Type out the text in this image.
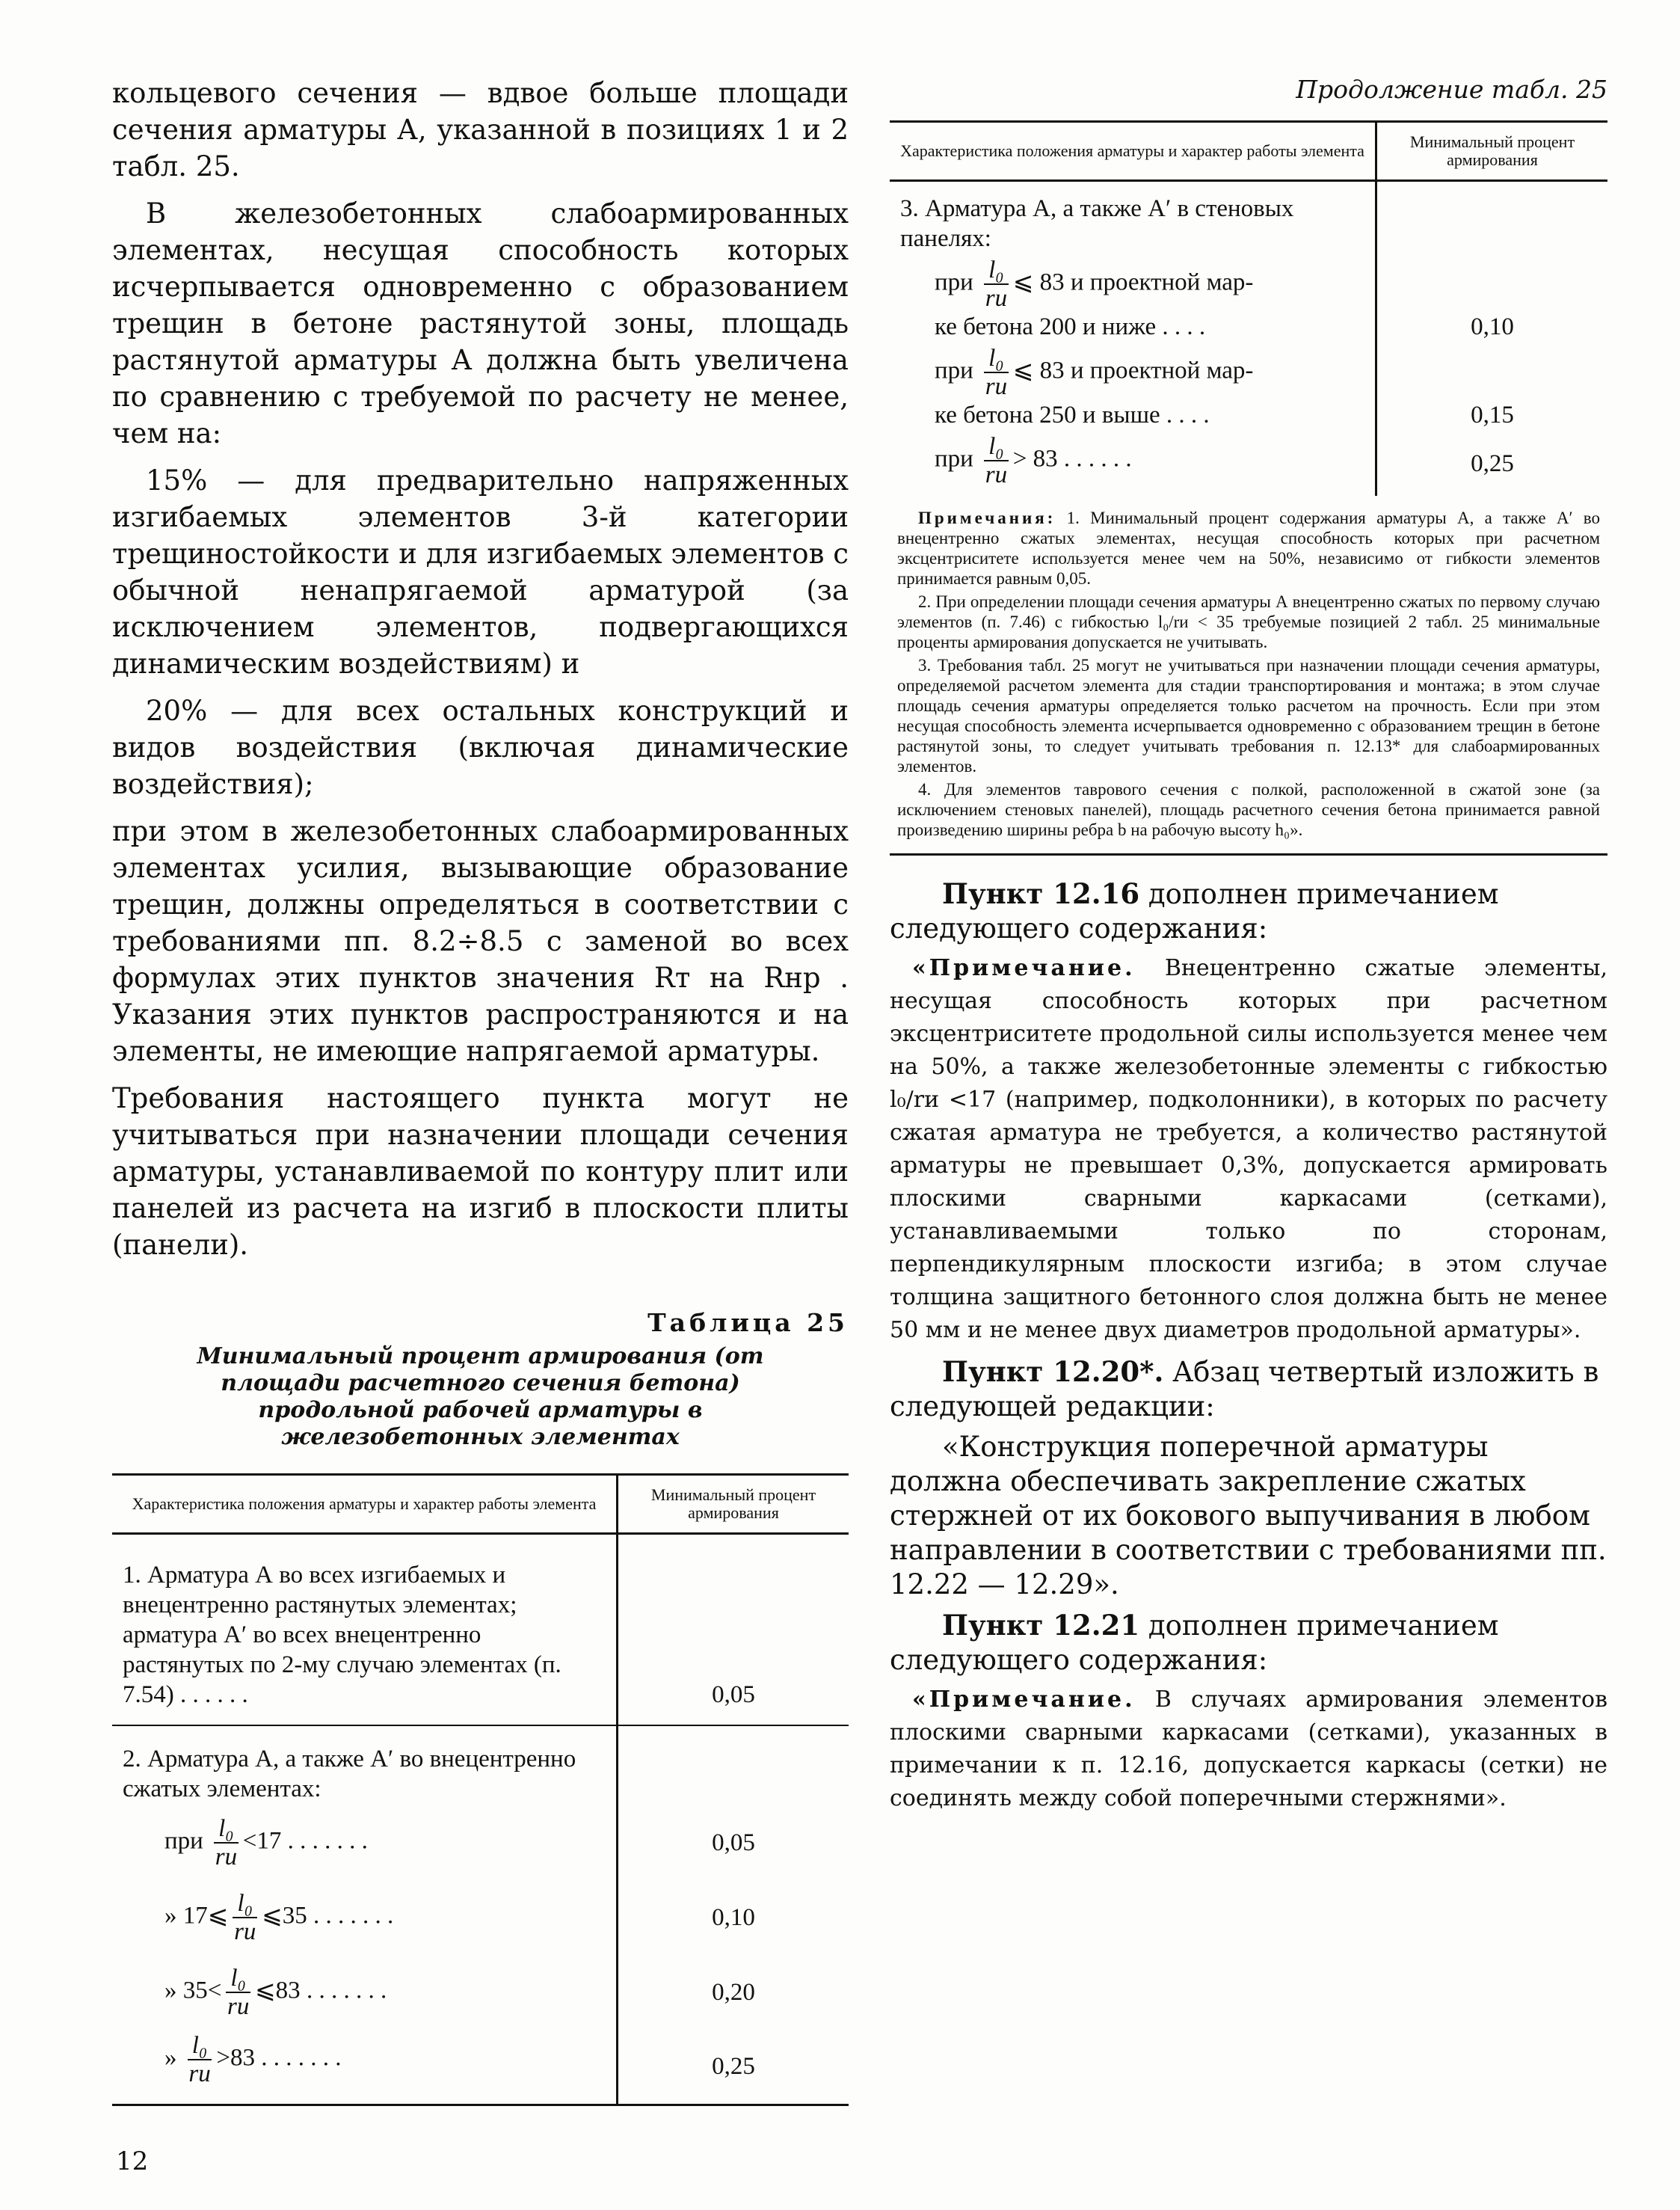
кольцевого сечения — вдвое больше площади сечения арматуры А, указанной в позициях 1 и 2 табл. 25.

В железобетонных слабоармированных элементах, несущая способность которых исчерпывается одновременно с образованием трещин в бетоне растянутой зоны, площадь растянутой арматуры А должна быть увеличена по сравнению с требуемой по расчету не менее, чем на:

15% — для предварительно напряженных изгибаемых элементов 3-й категории трещиностойкости и для изгибаемых элементов с обычной ненапрягаемой арматурой (за исключением элементов, подвергающихся динамическим воздействиям) и

20% — для всех остальных конструкций и видов воздействия (включая динамические воздействия);

при этом в железобетонных слабоармированных элементах усилия, вызывающие образование трещин, должны определяться в соответствии с требованиями пп. 8.2÷8.5 с заменой во всех формулах этих пунктов значения Rт на Rнр . Указания этих пунктов распространяются и на элементы, не имеющие напрягаемой арматуры.

Требования настоящего пункта могут не учитываться при назначении площади сечения арматуры, устанавливаемой по контуру плит или панелей из расчета на изгиб в плоскости плиты (панели).

Таблица 25
Минимальный процент армирования (от площади расчетного сечения бетона) продольной рабочей арматуры в железобетонных элементах
Характеристика положения арматуры и характер работы элемента	Минимальный процент армирования
1. Арматура А во всех изгибаемых и внецентренно растянутых элементах; арматура А′ во всех внецентренно растянутых по 2-му случаю элементах (п. 7.54) . . . . . .	0,05
2. Арматура А, а также А′ во внецентренно сжатых элементах:	
при $\frac{\text{l₀}}{rи} <17$ . . . . . . .	0,05
» 17⩽ $\frac{\text{l₀}}{rи}$ ⩽35 . . . . . . .	0,10
» $35< \frac{\text{l₀}}{rи}$ ⩽83 . . . . . . .	0,20
» $\frac{\text{l₀}}{rи} >83$ . . . . . . .	0,25
Продолжение табл. 25
Характеристика положения арматуры и характер работы элемента	Минимальный процент армирования
3. Арматура А, а также А′ в стеновых панелях:	
при $\frac{\text{l₀}}{rи}$ ⩽ 83 и проектной мар-
ке бетона 200 и ниже . . . .	0,10
при $\frac{\text{l₀}}{rи}$ ⩽ 83 и проектной мар-
ке бетона 250 и выше . . . .	0,15
при $\frac{\text{l₀}}{rи} > 83$ . . . . . .	0,25

Примечания: 1. Минимальный процент содержания арматуры А, а также А′ во внецентренно сжатых элементах, несущая способность которых при расчетном эксцентриситете используется менее чем на 50%, независимо от гибкости элементов принимается равным 0,05.

2. При определении площади сечения арматуры А внецентренно сжатых по первому случаю элементов (п. 7.46) с гибкостью l₀/rи < 35 требуемые позицией 2 табл. 25 минимальные проценты армирования допускается не учитывать.

3. Требования табл. 25 могут не учитываться при назначении площади сечения арматуры, определяемой расчетом элемента для стадии транспортирования и монтажа; в этом случае площадь сечения арматуры определяется только расчетом на прочность. Если при этом несущая способность элемента исчерпывается одновременно с образованием трещин в бетоне растянутой зоны, то следует учитывать требования п. 12.13* для слабоармированных элементов.

4. Для элементов таврового сечения с полкой, расположенной в сжатой зоне (за исключением стеновых панелей), площадь расчетного сечения бетона принимается равной произведению ширины ребра b на рабочую высоту h₀».

Пункт 12.16 дополнен примечанием следующего содержания:

«Примечание. Внецентренно сжатые элементы, несущая способность которых при расчетном эксцентриситете продольной силы используется менее чем на 50%, а также железобетонные элементы с гибкостью l₀/rи <17 (например, подколонники), в которых по расчету сжатая арматура не требуется, а количество растянутой арматуры не превышает 0,3%, допускается армировать плоскими сварными каркасами (сетками), устанавливаемыми только по сторонам, перпендикулярным плоскости изгиба; в этом случае толщина защитного бетонного слоя должна быть не менее 50 мм и не менее двух диаметров продольной арматуры».

Пункт 12.20*. Абзац четвертый изложить в следующей редакции:

«Конструкция поперечной арматуры должна обеспечивать закрепление сжатых стержней от их бокового выпучивания в любом направлении в соответствии с требованиями пп. 12.22 — 12.29».

Пункт 12.21 дополнен примечанием следующего содержания:

«Примечание. В случаях армирования элементов плоскими сварными каркасами (сетками), указанных в примечании к п. 12.16, допускается каркасы (сетки) не соединять между собой поперечными стержнями».

12
